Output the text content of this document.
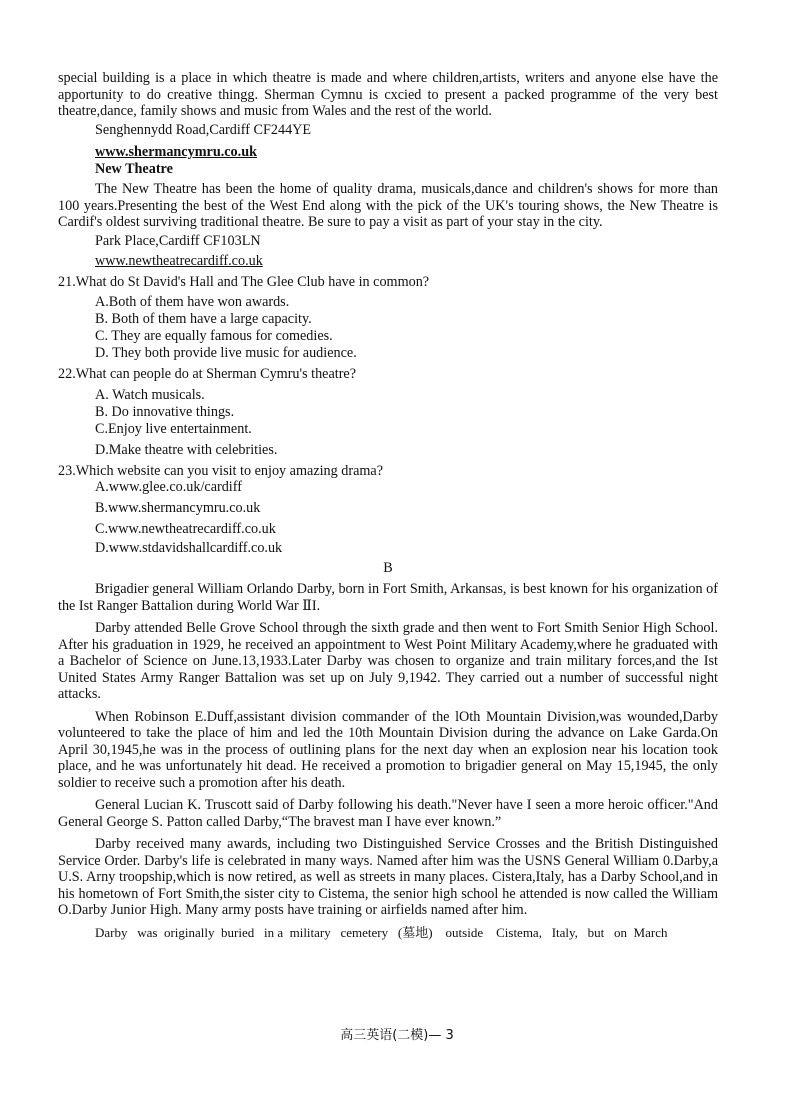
special building is a place in which theatre is made and where children,artists, writers and anyone else have the apportunity to do creative thingg. Sherman Cymnu is cxcied to present a packed programme of the very best theatre,dance, family shows and music from Wales and the rest of the world.

Senghennydd Road,Cardiff CF244YE

www.shermancymru.co.uk

New Theatre

The New Theatre has been the home of quality drama, musicals,dance and children's shows for more than 100 years.Presenting the best of the West End along with the pick of the UK's touring shows, the New Theatre is Cardif's oldest surviving traditional theatre. Be sure to pay a visit as part of your stay in the city.

Park Place,Cardiff CF103LN

www.newtheatrecardiff.co.uk

21.What do St David's Hall and The Glee Club have in common?

A.Both of them have won awards.

B. Both of them have a large capacity.

C. They are equally famous for comedies.

D. They both provide live music for audience.

22.What can people do at Sherman Cymru's theatre?

A. Watch musicals.

B. Do innovative things.

C.Enjoy live entertainment.

D.Make theatre with celebrities.

23.Which website can you visit to enjoy amazing drama?

A.www.glee.co.uk/cardiff

B.www.shermancymru.co.uk

C.www.newtheatrecardiff.co.uk

D.www.stdavidshallcardiff.co.uk

B

Brigadier general William Orlando Darby, born in Fort Smith, Arkansas, is best known for his organization of the Ist Ranger Battalion during World War ⅡI.

Darby attended Belle Grove School through the sixth grade and then went to Fort Smith Senior High School. After his graduation in 1929, he received an appointment to West Point Military Academy,where he graduated with a Bachelor of Science on June.13,1933.Later Darby was chosen to organize and train military forces,and the Ist United States Army Ranger Battalion was set up on July 9,1942. They carried out a number of successful night attacks.

When Robinson E.Duff,assistant division commander of the lOth Mountain Division,was wounded,Darby volunteered to take the place of him and led the 10th Mountain Division during the advance on Lake Garda.On April 30,1945,he was in the process of outlining plans for the next day when an explosion near his location took place, and he was unfortunately hit dead. He received a promotion to brigadier general on May 15,1945, the only soldier to receive such a promotion after his death.

General Lucian K. Truscott said of Darby following his death."Never have I seen a more heroic officer."And General George S. Patton called Darby,“The bravest man I have ever known.”

Darby received many awards, including two Distinguished Service Crosses and the British Distinguished Service Order. Darby's life is celebrated in many ways. Named after him was the USNS General William 0.Darby,a U.S. Arny troopship,which is now retired, as well as streets in many places. Cistera,Italy, has a Darby School,and in his hometown of Fort Smith,the sister city to Cistema, the senior high school he attended is now called the William O.Darby Junior High. Many army posts have training or airfields named after him.

Darby   was  originally  buried   in a  military   cemetery   (墓地)    outside    Cistema,   Italy,   but   on  March

高三英语(二模)— 3
